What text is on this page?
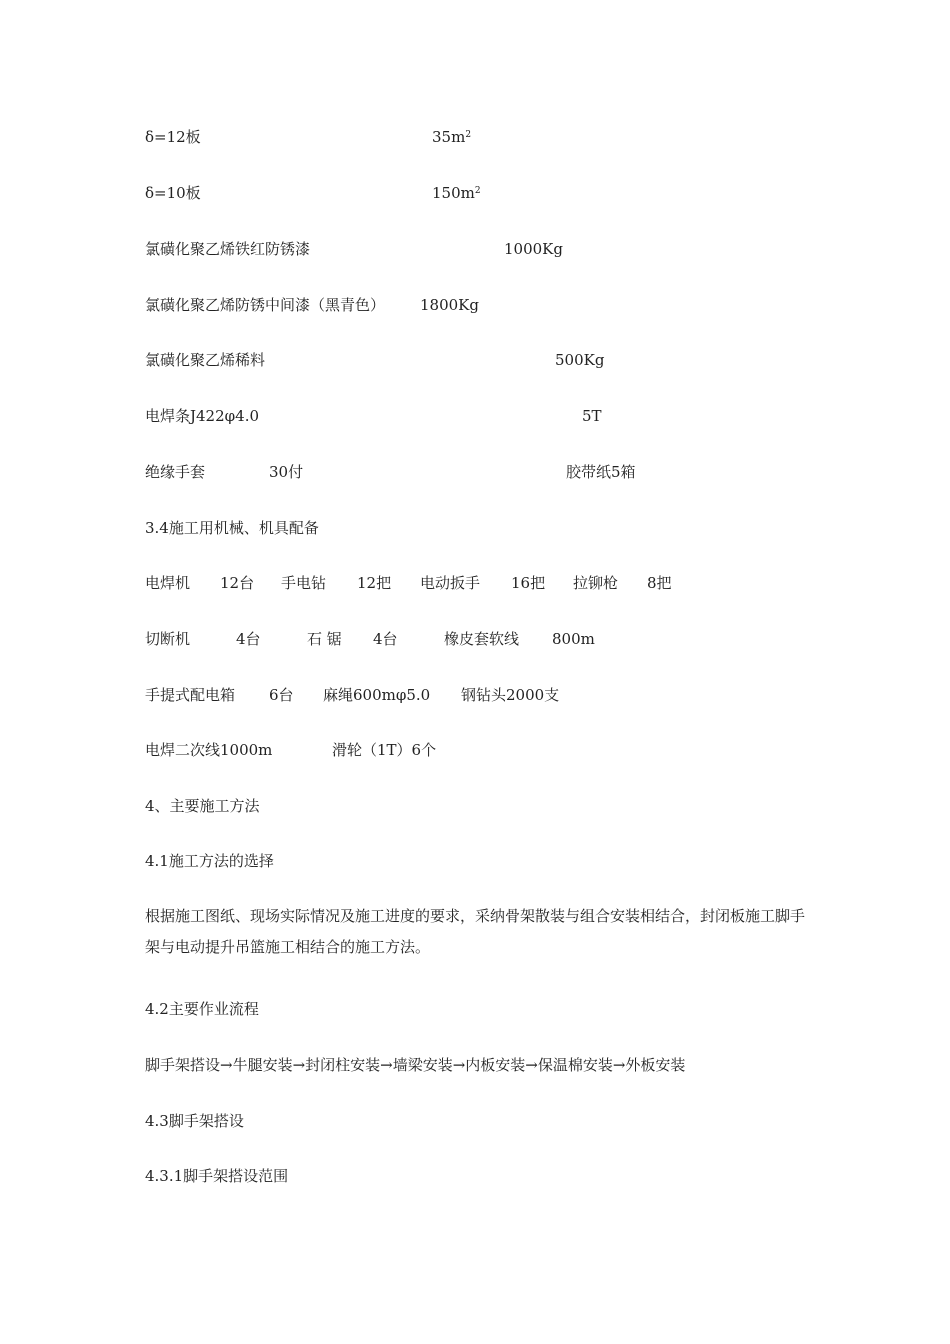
δ=12板	$35m^2$
δ=10板	$150m^2$
氯磺化聚乙烯铁红防锈漆	1000Kg
氯磺化聚乙烯防锈中间漆（黑青色） 1800Kg
氯磺化聚乙烯稀料	500Kg
电焊条J422φ4.0	5T
绝缘手套	30付	胶带纸5箱
3.4施工用机械、机具配备
电焊机 12台 手电钻 12把 电动扳手 16把 拉铆枪 8把
切断机	4台	石 锯 4台	橡皮套软线 800m
手提式配电箱 6台 麻绳600mφ5.0 钢钻头2000支
电焊二次线1000m	滑轮（1T）6个
4、主要施工方法
4.1施工方法的选择
根据施工图纸、现场实际情况及施工进度的要求，采纳骨架散装与组合安装相结合，封闭板施工脚手架与电动提升吊篮施工相结合的施工方法。
4.2主要作业流程
脚手架搭设→牛腿安装→封闭柱安装→墙梁安装→内板安装→保温棉安装→外板安装
4.3脚手架搭设
4.3.1脚手架搭设范围
